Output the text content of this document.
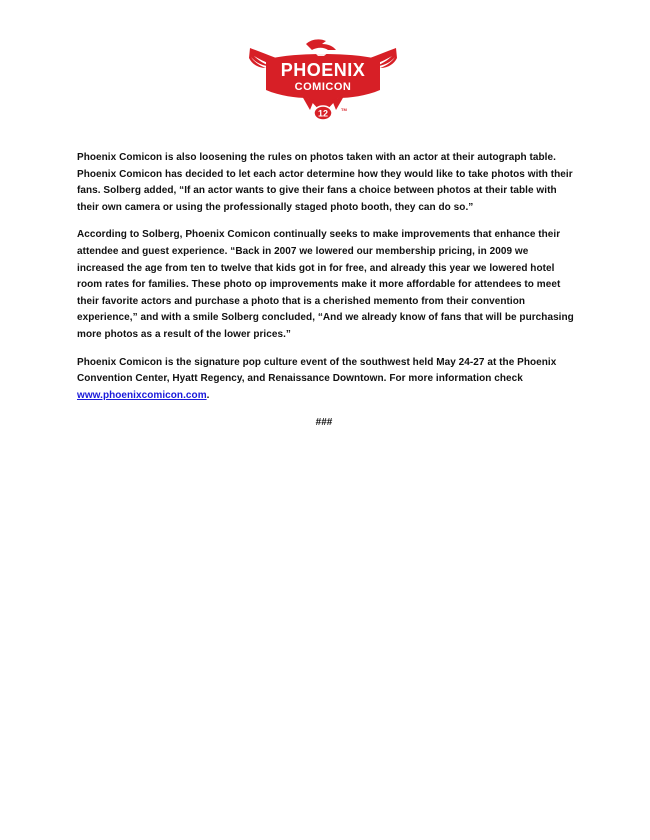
12
PHOENIX
COMICON
TM

Phoenix Comicon is also loosening the rules on photos taken with an actor at their autograph table. Phoenix Comicon has decided to let each actor determine how they would like to take photos with their fans. Solberg added, “If an actor wants to give their fans a choice between photos at their table with their own camera or using the professionally staged photo booth, they can do so.”

According to Solberg, Phoenix Comicon continually seeks to make improvements that enhance their attendee and guest experience. “Back in 2007 we lowered our membership pricing, in 2009 we increased the age from ten to twelve that kids got in for free, and already this year we lowered hotel room rates for families. These photo op improvements make it more affordable for attendees to meet their favorite actors and purchase a photo that is a cherished memento from their convention experience,” and with a smile Solberg concluded, “And we already know of fans that will be purchasing more photos as a result of the lower prices.”

Phoenix Comicon is the signature pop culture event of the southwest held May 24-27 at the Phoenix Convention Center, Hyatt Regency, and Renaissance Downtown. For more information check www.phoenixcomicon.com.

###
